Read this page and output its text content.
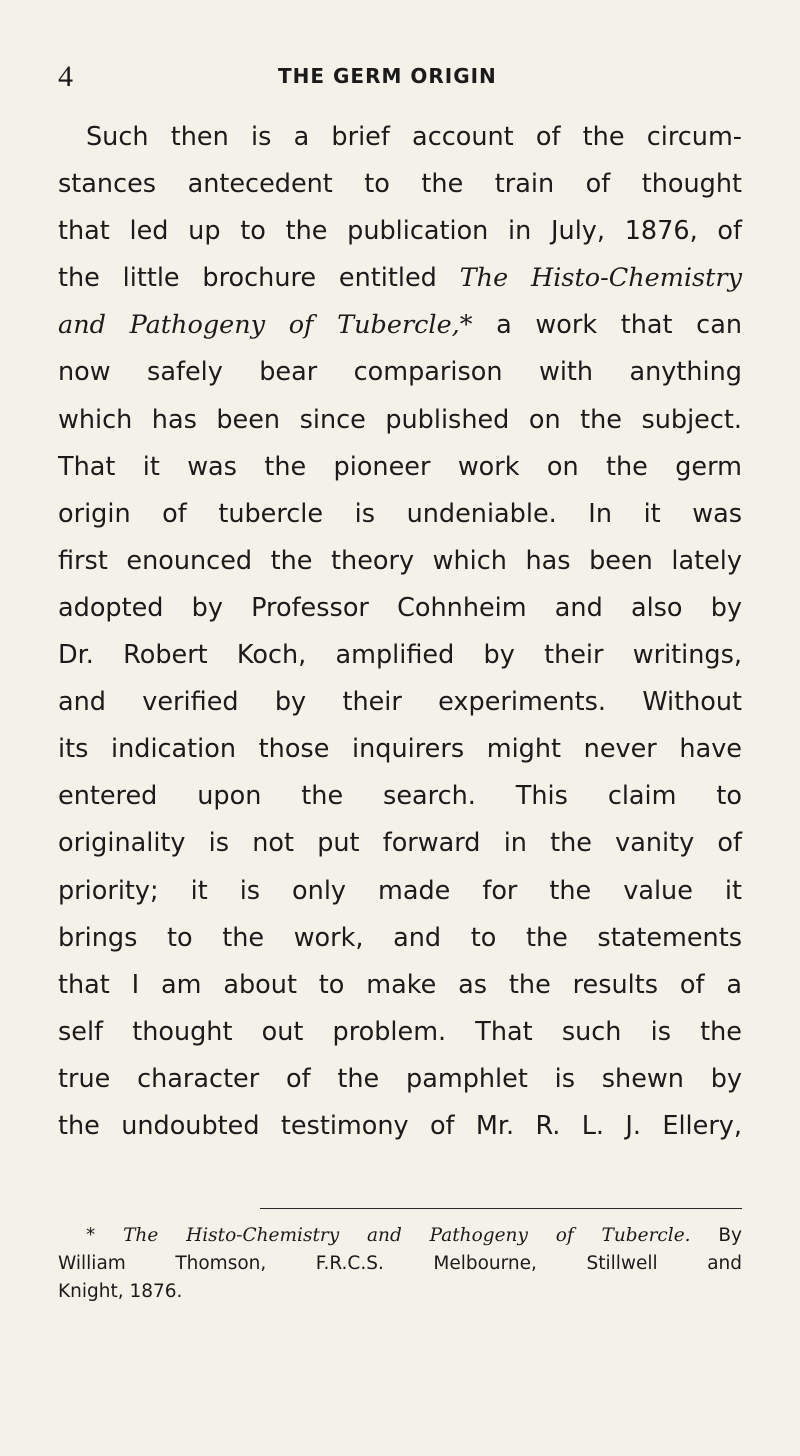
4	THE GERM ORIGIN
Such then is a brief account of the circum-
stances antecedent to the train of thought
that led up to the publication in July, 1876, of
the little brochure entitled The Histo-Chemistry
and Pathogeny of Tubercle,* a work that can
now safely bear comparison with anything
which has been since published on the subject.
That it was the pioneer work on the germ
origin of tubercle is undeniable. In it was
first enounced the theory which has been lately
adopted by Professor Cohnheim and also by
Dr. Robert Koch, amplified by their writings,
and verified by their experiments. Without
its indication those inquirers might never have
entered upon the search. This claim to
originality is not put forward in the vanity of
priority; it is only made for the value it
brings to the work, and to the statements
that I am about to make as the results of a
self thought out problem. That such is the
true character of the pamphlet is shewn by
the undoubted testimony of Mr. R. L. J. Ellery,
* The Histo-Chemistry and Pathogeny of Tubercle. By
William Thomson, F.R.C.S. Melbourne, Stillwell and
Knight, 1876.
